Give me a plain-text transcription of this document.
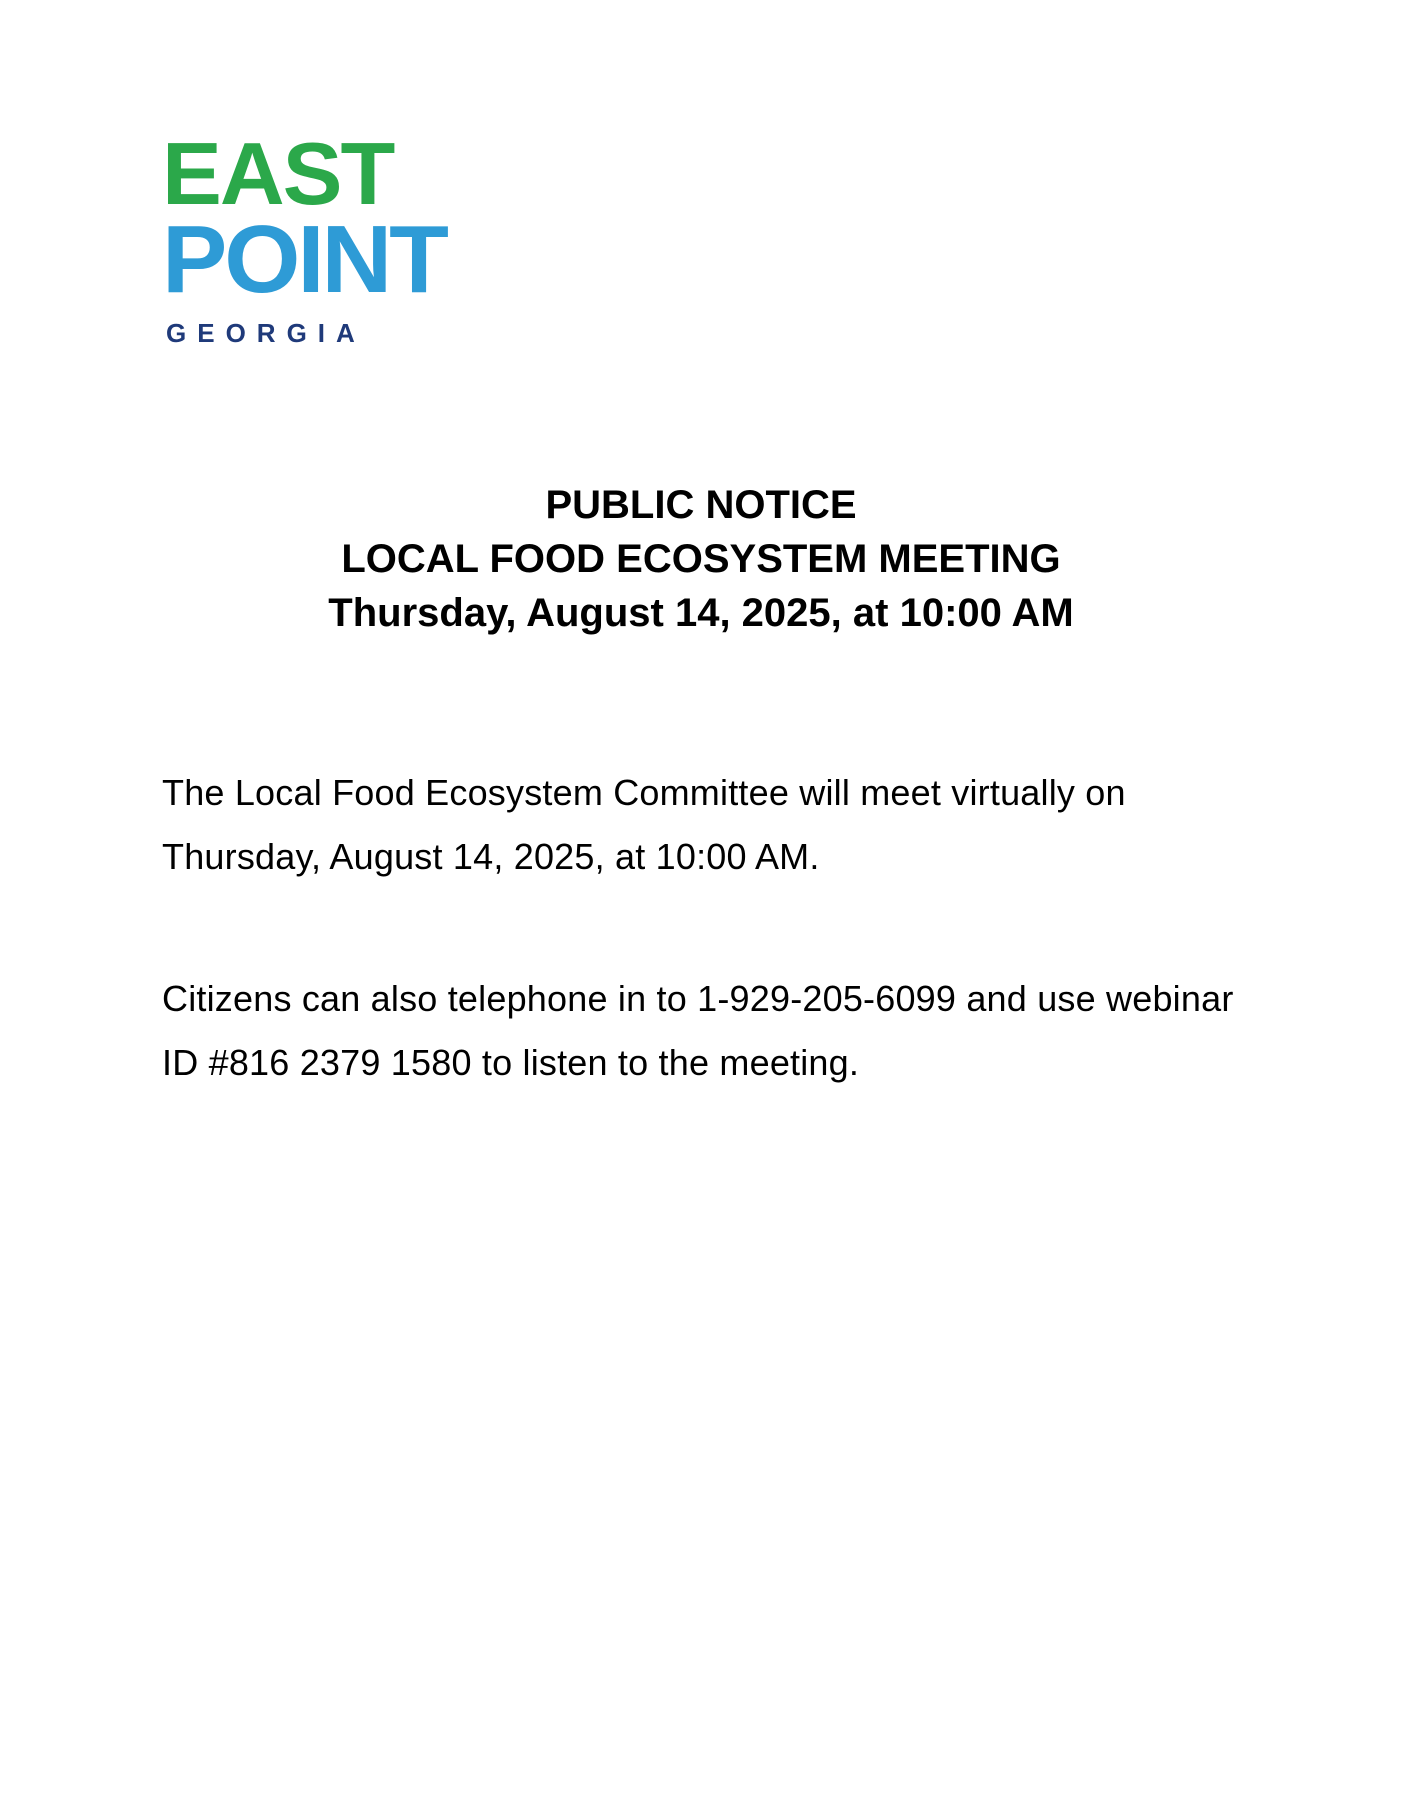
EAST
POINT
GEORGIA
PUBLIC NOTICE
LOCAL FOOD ECOSYSTEM MEETING
Thursday, August 14, 2025, at 10:00 AM

The Local Food Ecosystem Committee will meet virtually on Thursday, August 14, 2025, at 10:00 AM.

Citizens can also telephone in to 1-929-205-6099 and use webinar ID #816 2379 1580 to listen to the meeting.
